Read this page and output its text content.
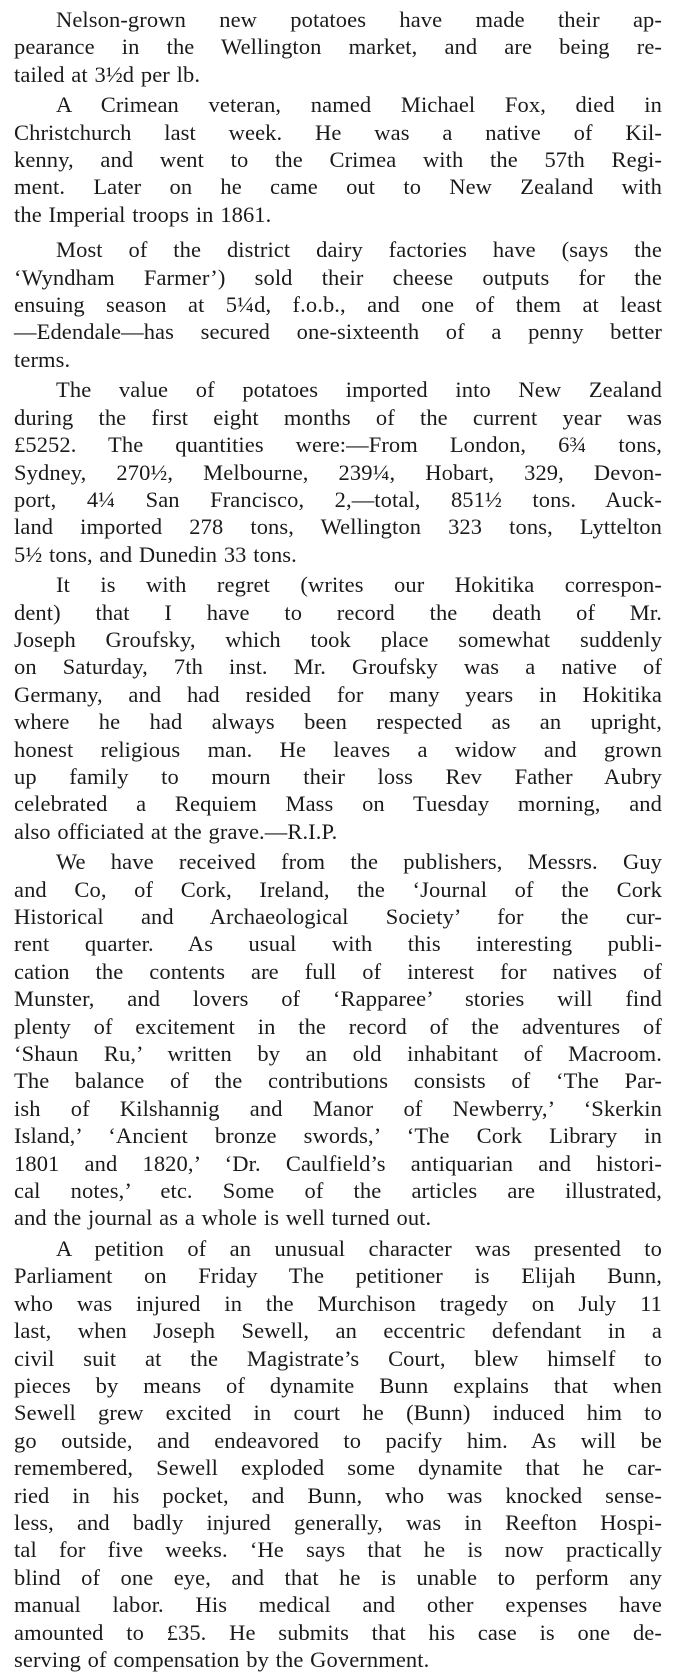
Nelson-grown new potatoes have made their ap-
pearance in the Wellington market, and are being re-
tailed at 3½d per lb.

A Crimean veteran, named Michael Fox, died in
Christchurch last week. He was a native of Kil-
kenny, and went to the Crimea with the 57th Regi-
ment. Later on he came out to New Zealand with
the Imperial troops in 1861.

Most of the district dairy factories have (says the
‘Wyndham Farmer’) sold their cheese outputs for the
ensuing season at 5¼d, f.o.b., and one of them at least
—Edendale—has secured one-sixteenth of a penny better
terms.

The value of potatoes imported into New Zealand
during the first eight months of the current year was
£5252. The quantities were:—From London, 6¾ tons,
Sydney, 270½, Melbourne, 239¼, Hobart, 329, Devon-
port, 4¼ San Francisco, 2,—total, 851½ tons. Auck-
land imported 278 tons, Wellington 323 tons, Lyttelton
5½ tons, and Dunedin 33 tons.

It is with regret (writes our Hokitika correspon-
dent) that I have to record the death of Mr.
Joseph Groufsky, which took place somewhat suddenly
on Saturday, 7th inst. Mr. Groufsky was a native of
Germany, and had resided for many years in Hokitika
where he had always been respected as an upright,
honest religious man. He leaves a widow and grown
up family to mourn their loss Rev Father Aubry
celebrated a Requiem Mass on Tuesday morning, and
also officiated at the grave.—R.I.P.

We have received from the publishers, Messrs. Guy
and Co, of Cork, Ireland, the ‘Journal of the Cork
Historical and Archaeological Society’ for the cur-
rent quarter. As usual with this interesting publi-
cation the contents are full of interest for natives of
Munster, and lovers of ‘Rapparee’ stories will find
plenty of excitement in the record of the adventures of
‘Shaun Ru,’ written by an old inhabitant of Macroom.
The balance of the contributions consists of ‘The Par-
ish of Kilshannig and Manor of Newberry,’ ‘Skerkin
Island,’ ‘Ancient bronze swords,’ ‘The Cork Library in
1801 and 1820,’ ‘Dr. Caulfield’s antiquarian and histori-
cal notes,’ etc. Some of the articles are illustrated,
and the journal as a whole is well turned out.

A petition of an unusual character was presented to
Parliament on Friday The petitioner is Elijah Bunn,
who was injured in the Murchison tragedy on July 11
last, when Joseph Sewell, an eccentric defendant in a
civil suit at the Magistrate’s Court, blew himself to
pieces by means of dynamite Bunn explains that when
Sewell grew excited in court he (Bunn) induced him to
go outside, and endeavored to pacify him. As will be
remembered, Sewell exploded some dynamite that he car-
ried in his pocket, and Bunn, who was knocked sense-
less, and badly injured generally, was in Reefton Hospi-
tal for five weeks. ‘He says that he is now practically
blind of one eye, and that he is unable to perform any
manual labor. His medical and other expenses have
amounted to £35. He submits that his case is one de-
serving of compensation by the Government.
